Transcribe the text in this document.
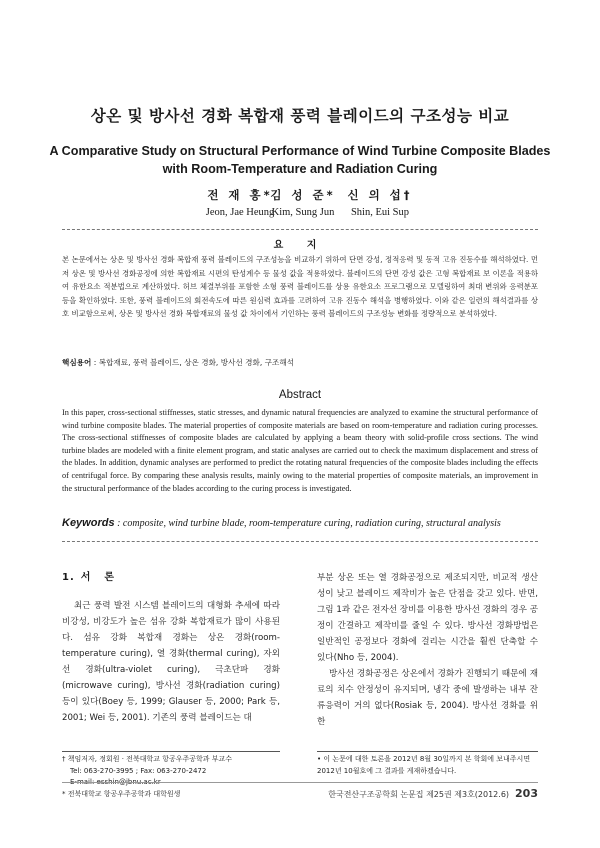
상온 및 방사선 경화 복합재 풍력 블레이드의 구조성능 비교
A Comparative Study on Structural Performance of Wind Turbine Composite Blades
with Room-Temperature and Radiation Curing
전 재 홍*
Jeon, Jae Heung
김 성 준*
Kim, Sung Jun
신 의 섭†
Shin, Eui Sup
요 지
본 논문에서는 상온 및 방사선 경화 복합재 풍력 블레이드의 구조성능을 비교하기 위하여 단면 강성, 정적응력 및 동적 고유 진동수를 해석하였다. 먼저 상온 및 방사선 경화공정에 의한 복합재료 시편의 탄성계수 등 물성 값을 적용하였다. 블레이드의 단면 강성 값은 고형 복합재료 보 이론을 적용하여 유한요소 적분법으로 계산하였다. 허브 체결부위를 포함한 소형 풍력 블레이드를 상용 유한요소 프로그램으로 모델링하여 최대 변위와 응력분포 등을 확인하였다. 또한, 풍력 블레이드의 회전속도에 따른 원심력 효과를 고려하여 고유 진동수 해석을 병행하였다. 이와 같은 일련의 해석결과를 상호 비교함으로써, 상온 및 방사선 경화 복합재료의 물성 값 차이에서 기인하는 풍력 블레이드의 구조성능 변화를 정량적으로 분석하였다.
핵심용어 : 복합재료, 풍력 블레이드, 상온 경화, 방사선 경화, 구조해석
Abstract
In this paper, cross-sectional stiffnesses, static stresses, and dynamic natural frequencies are analyzed to examine the structural performance of wind turbine composite blades. The material properties of composite materials are based on room-temperature and radiation curing processes. The cross-sectional stiffnesses of composite blades are calculated by applying a beam theory with solid-profile cross sections. The wind turbine blades are modeled with a finite element program, and static analyses are carried out to check the maximum displacement and stress of the blades. In addition, dynamic analyses are performed to predict the rotating natural frequencies of the composite blades including the effects of centrifugal force. By comparing these analysis results, mainly owing to the material properties of composite materials, an improvement in the structural performance of the blades according to the curing process is investigated.
Keywords : composite, wind turbine blade, room-temperature curing, radiation curing, structural analysis
1. 서론
최근 풍력 발전 시스템 블레이드의 대형화 추세에 따라 비강성, 비강도가 높은 섬유 강화 복합재료가 많이 사용된다. 섬유 강화 복합재 경화는 상온 경화(room-temperature curing), 열 경화(thermal curing), 자외선 경화(ultra-violet curing), 극초단파 경화(microwave curing), 방사선 경화(radiation curing) 등이 있다(Boey 등, 1999; Glauser 등, 2000; Park 등, 2001; Wei 등, 2001). 기존의 풍력 블레이드는 대
부분 상온 또는 열 경화공정으로 제조되지만, 비교적 생산성이 낮고 블레이드 제작비가 높은 단점을 갖고 있다. 반면, 그림 1과 같은 전자선 장비를 이용한 방사선 경화의 경우 공정이 간결하고 제작비를 줄일 수 있다. 방사선 경화방법은 일반적인 공정보다 경화에 걸리는 시간을 훨씬 단축할 수 있다(Nho 등, 2004).
방사선 경화공정은 상온에서 경화가 진행되기 때문에 재료의 치수 안정성이 유지되며, 냉각 중에 발생하는 내부 잔류응력이 거의 없다(Rosiak 등, 2004). 방사선 경화를 위한
† 책임저자, 정회원 · 전북대학교 항공우주공학과 부교수
Tel: 063-270-3995 ; Fax: 063-270-2472
E-mail: esshin@jbnu.ac.kr
* 전북대학교 항공우주공학과 대학원생
• 이 논문에 대한 토론을 2012년 8월 30일까지 본 학회에 보내주시면 2012년 10월호에 그 결과를 게재하겠습니다.
한국전산구조공학회 논문집 제25권 제3호(2012.6) 203
